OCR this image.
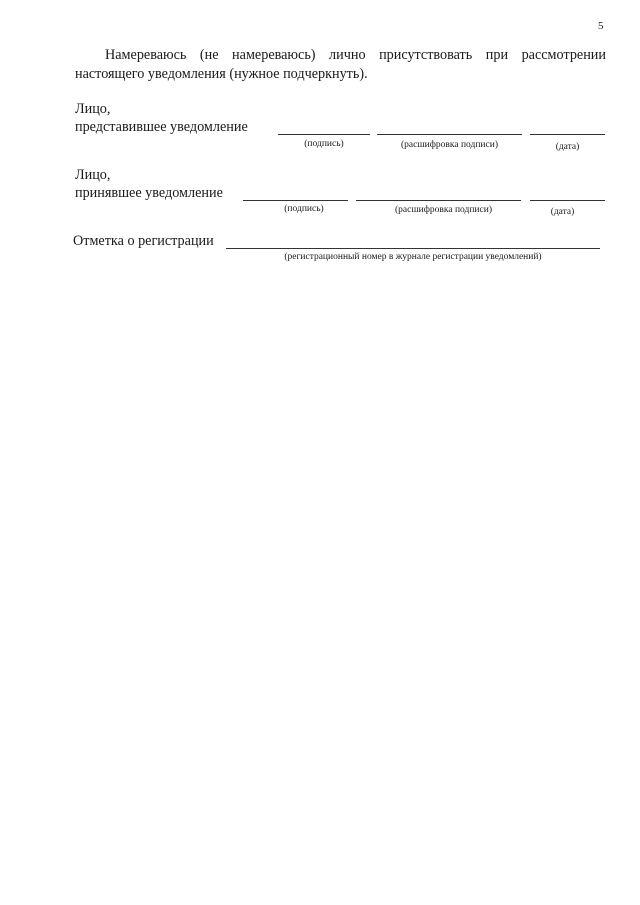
5
Намереваюсь (не намереваюсь) лично присутствовать при рассмотрении
настоящего уведомления (нужное подчеркнуть).
Лицо,
представившее уведомление
(подпись)	(расшифровка подписи)	(дата)
Лицо,
принявшее уведомление
(подпись)	(расшифровка подписи)	(дата)
Отметка о регистрации
(регистрационный номер в журнале регистрации уведомлений)
